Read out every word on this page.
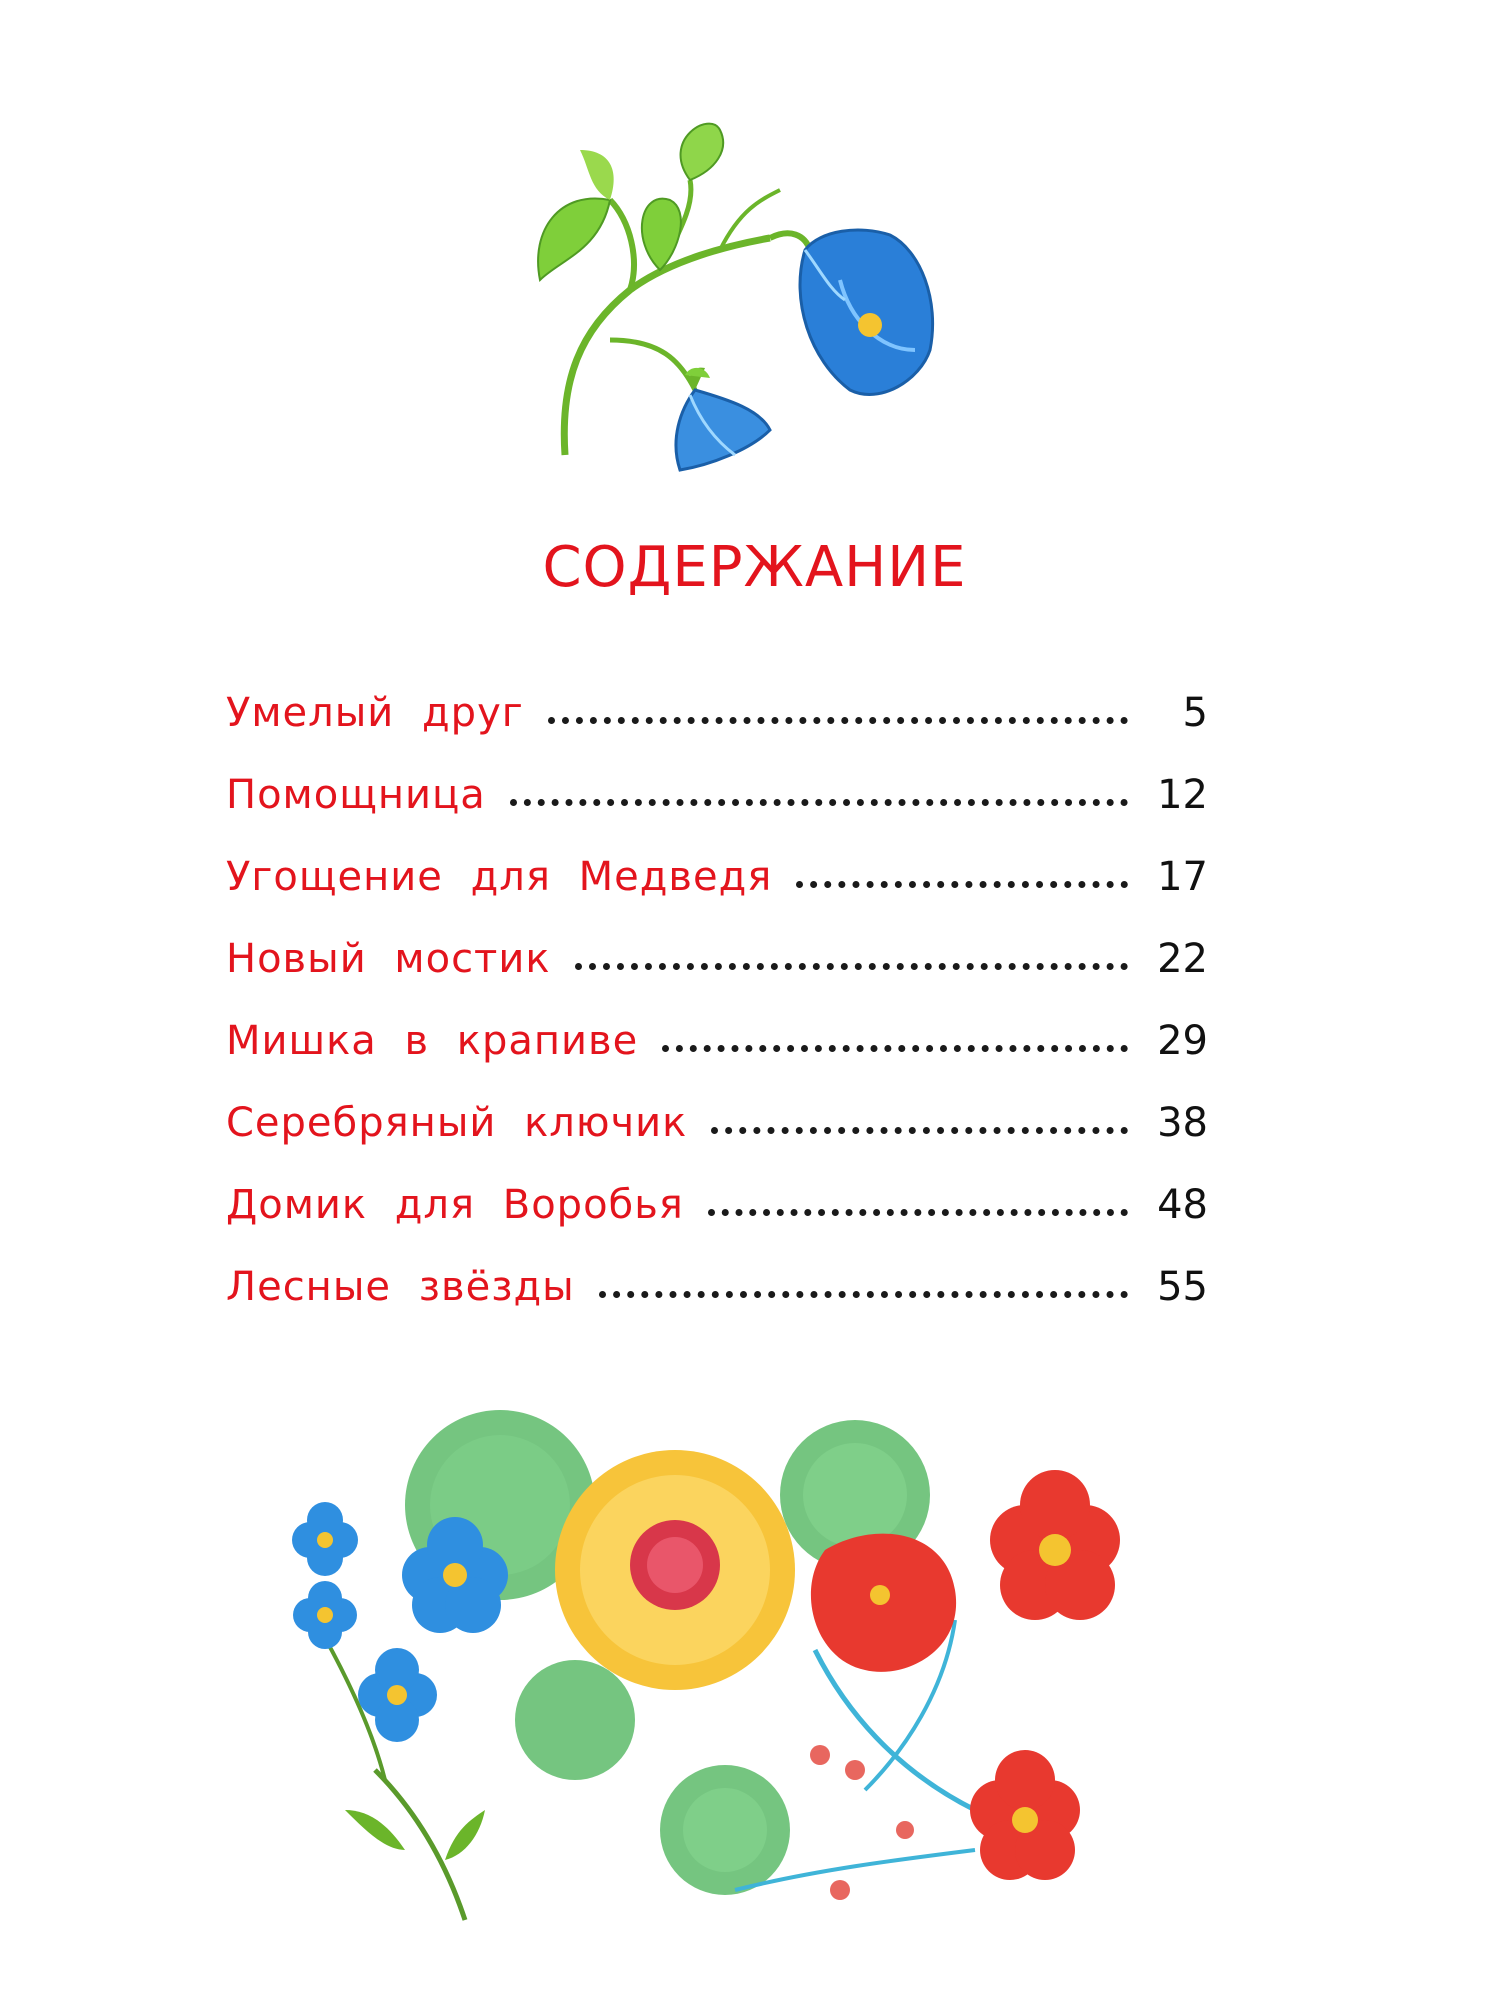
СОДЕРЖАНИЕ
Умелый друг	5
Помощница	12
Угощение для Медведя	17
Новый мостик	22
Мишка в крапиве	29
Серебряный ключик	38
Домик для Воробья	48
Лесные звёзды	55
